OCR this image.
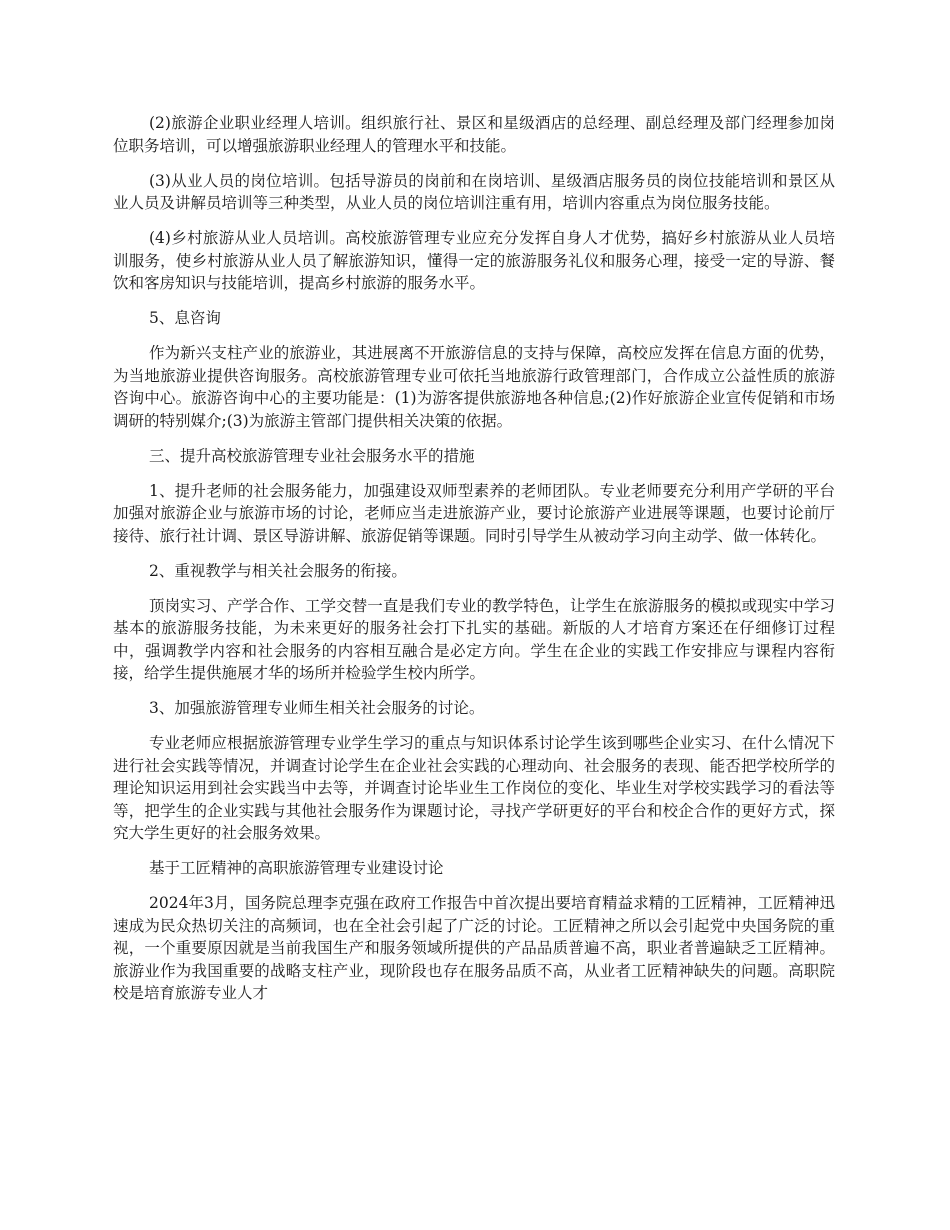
(2)旅游企业职业经理人培训。组织旅行社、景区和星级酒店的总经理、副总经理及部门经理参加岗位职务培训，可以增强旅游职业经理人的管理水平和技能。

(3)从业人员的岗位培训。包括导游员的岗前和在岗培训、星级酒店服务员的岗位技能培训和景区从业人员及讲解员培训等三种类型，从业人员的岗位培训注重有用，培训内容重点为岗位服务技能。

(4)乡村旅游从业人员培训。高校旅游管理专业应充分发挥自身人才优势，搞好乡村旅游从业人员培训服务，使乡村旅游从业人员了解旅游知识，懂得一定的旅游服务礼仪和服务心理，接受一定的导游、餐饮和客房知识与技能培训，提高乡村旅游的服务水平。

5、息咨询

作为新兴支柱产业的旅游业，其进展离不开旅游信息的支持与保障，高校应发挥在信息方面的优势，为当地旅游业提供咨询服务。高校旅游管理专业可依托当地旅游行政管理部门，合作成立公益性质的旅游咨询中心。旅游咨询中心的主要功能是：(1)为游客提供旅游地各种信息;(2)作好旅游企业宣传促销和市场调研的特别媒介;(3)为旅游主管部门提供相关决策的依据。

三、提升高校旅游管理专业社会服务水平的措施

1、提升老师的社会服务能力，加强建设双师型素养的老师团队。专业老师要充分利用产学研的平台加强对旅游企业与旅游市场的讨论，老师应当走进旅游产业，要讨论旅游产业进展等课题，也要讨论前厅接待、旅行社计调、景区导游讲解、旅游促销等课题。同时引导学生从被动学习向主动学、做一体转化。

2、重视教学与相关社会服务的衔接。

顶岗实习、产学合作、工学交替一直是我们专业的教学特色，让学生在旅游服务的模拟或现实中学习基本的旅游服务技能，为未来更好的服务社会打下扎实的基础。新版的人才培育方案还在仔细修订过程中，强调教学内容和社会服务的内容相互融合是必定方向。学生在企业的实践工作安排应与课程内容衔接，给学生提供施展才华的场所并检验学生校内所学。

3、加强旅游管理专业师生相关社会服务的讨论。

专业老师应根据旅游管理专业学生学习的重点与知识体系讨论学生该到哪些企业实习、在什么情况下进行社会实践等情况，并调查讨论学生在企业社会实践的心理动向、社会服务的表现、能否把学校所学的理论知识运用到社会实践当中去等，并调查讨论毕业生工作岗位的变化、毕业生对学校实践学习的看法等等，把学生的企业实践与其他社会服务作为课题讨论，寻找产学研更好的平台和校企合作的更好方式，探究大学生更好的社会服务效果。

基于工匠精神的高职旅游管理专业建设讨论

2024年3月，国务院总理李克强在政府工作报告中首次提出要培育精益求精的工匠精神，工匠精神迅速成为民众热切关注的高频词，也在全社会引起了广泛的讨论。工匠精神之所以会引起党中央国务院的重视，一个重要原因就是当前我国生产和服务领域所提供的产品品质普遍不高，职业者普遍缺乏工匠精神。旅游业作为我国重要的战略支柱产业，现阶段也存在服务品质不高，从业者工匠精神缺失的问题。高职院校是培育旅游专业人才
